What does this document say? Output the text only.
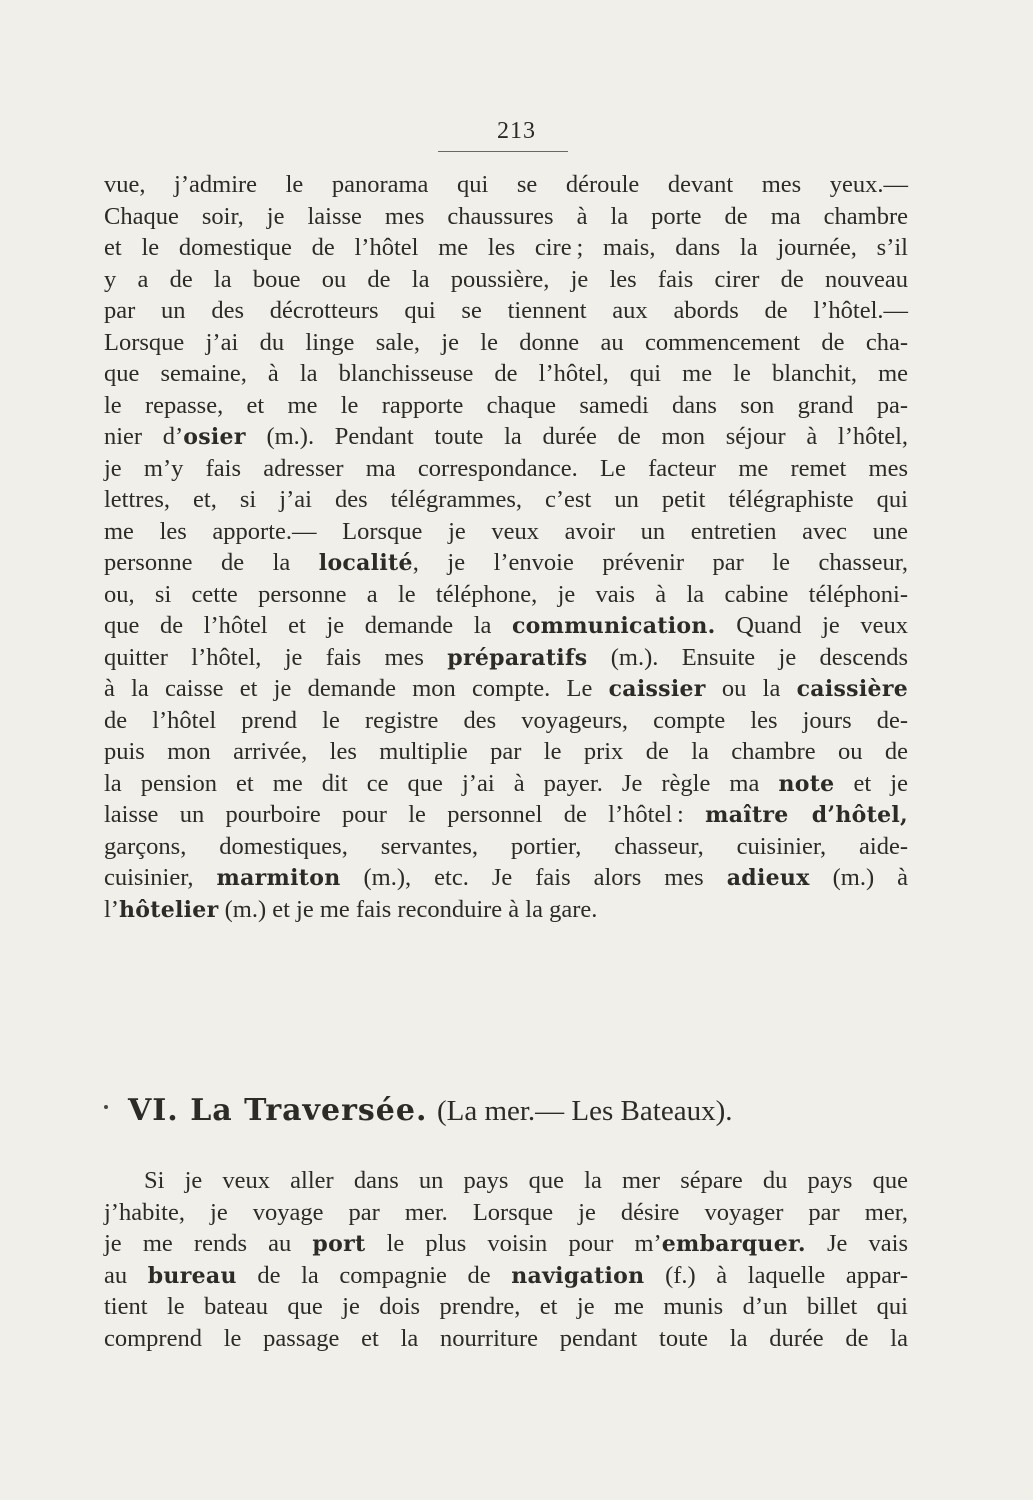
213
vue, j’admire le panorama qui se déroule devant mes yeux.—
Chaque soir, je laisse mes chaussures à la porte de ma chambre
et le domestique de l’hôtel me les cire ; mais, dans la journée, s’il
y a de la boue ou de la poussière, je les fais cirer de nouveau
par un des décrotteurs qui se tiennent aux abords de l’hôtel.—
Lorsque j’ai du linge sale, je le donne au commencement de cha-
que semaine, à la blanchisseuse de l’hôtel, qui me le blanchit, me
le repasse, et me le rapporte chaque samedi dans son grand pa-
nier d’osier (m.). Pendant toute la durée de mon séjour à l’hôtel,
je m’y fais adresser ma correspondance. Le facteur me remet mes
lettres, et, si j’ai des télégrammes, c’est un petit télégraphiste qui
me les apporte.— Lorsque je veux avoir un entretien avec une
personne de la localité, je l’envoie prévenir par le chasseur,
ou, si cette personne a le téléphone, je vais à la cabine téléphoni-
que de l’hôtel et je demande la communication. Quand je veux
quitter l’hôtel, je fais mes préparatifs (m.). Ensuite je descends
à la caisse et je demande mon compte. Le caissier ou la caissière
de l’hôtel prend le registre des voyageurs, compte les jours de-
puis mon arrivée, les multiplie par le prix de la chambre ou de
la pension et me dit ce que j’ai à payer. Je règle ma note et je
laisse un pourboire pour le personnel de l’hôtel : maître d’hôtel,
garçons, domestiques, servantes, portier, chasseur, cuisinier, aide-
cuisinier, marmiton (m.), etc. Je fais alors mes adieux (m.) à
l’hôtelier (m.) et je me fais reconduire à la gare.
VI. La Traversée. (La mer.— Les Bateaux).
Si je veux aller dans un pays que la mer sépare du pays que
j’habite, je voyage par mer. Lorsque je désire voyager par mer,
je me rends au port le plus voisin pour m’embarquer. Je vais
au bureau de la compagnie de navigation (f.) à laquelle appar-
tient le bateau que je dois prendre, et je me munis d’un billet qui
comprend le passage et la nourriture pendant toute la durée de la
